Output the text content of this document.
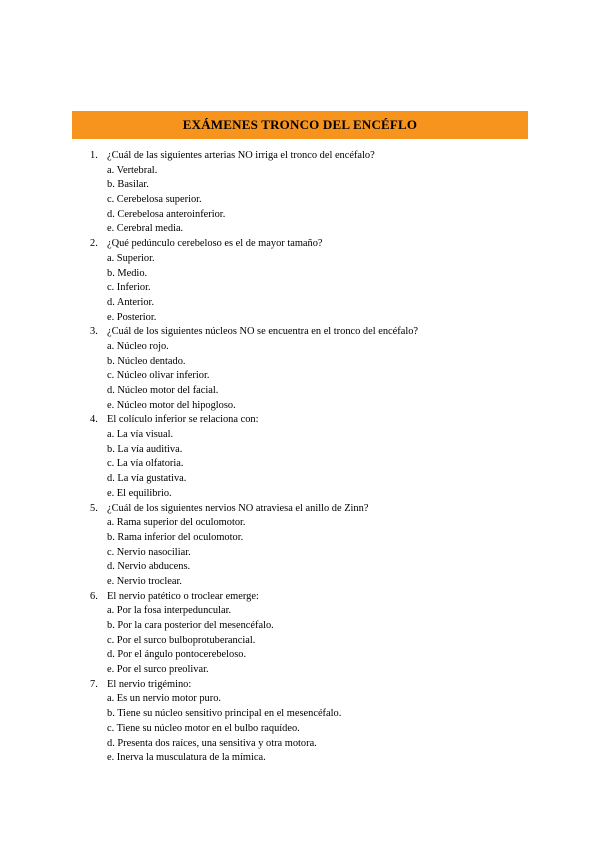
EXÁMENES TRONCO DEL ENCÉFLO
1. ¿Cuál de las siguientes arterias NO irriga el tronco del encéfalo?
a. Vertebral.
b. Basilar.
c. Cerebelosa superior.
d. Cerebelosa anteroinferior.
e. Cerebral media.
2. ¿Qué pedúnculo cerebeloso es el de mayor tamaño?
a. Superior.
b. Medio.
c. Inferior.
d. Anterior.
e. Posterior.
3. ¿Cuál de los siguientes núcleos NO se encuentra en el tronco del encéfalo?
a. Núcleo rojo.
b. Núcleo dentado.
c. Núcleo olivar inferior.
d. Núcleo motor del facial.
e. Núcleo motor del hipogloso.
4. El colículo inferior se relaciona con:
a. La vía visual.
b. La vía auditiva.
c. La vía olfatoria.
d. La vía gustativa.
e. El equilibrio.
5. ¿Cuál de los siguientes nervios NO atraviesa el anillo de Zinn?
a. Rama superior del oculomotor.
b. Rama inferior del oculomotor.
c. Nervio nasociliar.
d. Nervio abducens.
e. Nervio troclear.
6. El nervio patético o troclear emerge:
a. Por la fosa interpeduncular.
b. Por la cara posterior del mesencéfalo.
c. Por el surco bulboprotuberancial.
d. Por el ángulo pontocerebeloso.
e. Por el surco preolivar.
7. El nervio trigémino:
a. Es un nervio motor puro.
b. Tiene su núcleo sensitivo principal en el mesencéfalo.
c. Tiene su núcleo motor en el bulbo raquídeo.
d. Presenta dos raíces, una sensitiva y otra motora.
e. Inerva la musculatura de la mímica.
